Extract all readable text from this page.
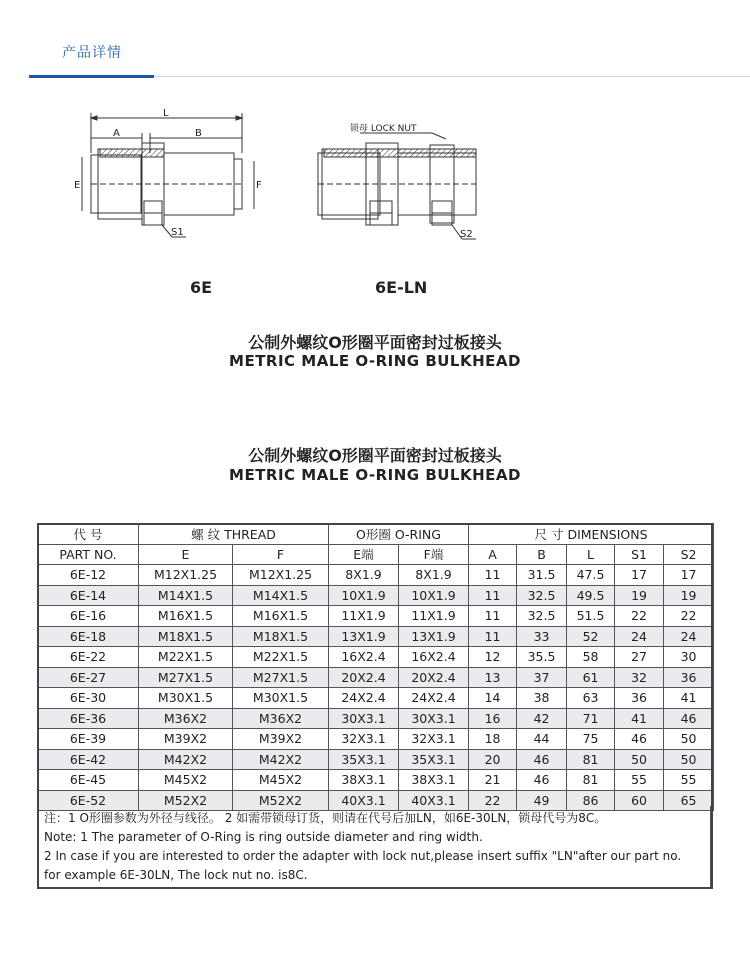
产品详情
A	B
L
E	F
S1
锁母 LOCK NUT
S2
6E	6E-LN
公制外螺纹O形圈平面密封过板接头
METRIC MALE O-RING BULKHEAD
公制外螺纹O形圈平面密封过板接头
METRIC MALE O-RING BULKHEAD
代 号	螺 纹 THREAD		O形圈 O-RING		尺 寸 DIMENSIONS				
PART NO.	E	F	E端	F端	A	B	L	S1	S2
6E-12	M12X1.25	M12X1.25	8X1.9	8X1.9	11	31.5	47.5	17	17
6E-14	M14X1.5	M14X1.5	10X1.9	10X1.9	11	32.5	49.5	19	19
6E-16	M16X1.5	M16X1.5	11X1.9	11X1.9	11	32.5	51.5	22	22
6E-18	M18X1.5	M18X1.5	13X1.9	13X1.9	11	33	52	24	24
6E-22	M22X1.5	M22X1.5	16X2.4	16X2.4	12	35.5	58	27	30
6E-27	M27X1.5	M27X1.5	20X2.4	20X2.4	13	37	61	32	36
6E-30	M30X1.5	M30X1.5	24X2.4	24X2.4	14	38	63	36	41
6E-36	M36X2	M36X2	30X3.1	30X3.1	16	42	71	41	46
6E-39	M39X2	M39X2	32X3.1	32X3.1	18	44	75	46	50
6E-42	M42X2	M42X2	35X3.1	35X3.1	20	46	81	50	50
6E-45	M45X2	M45X2	38X3.1	38X3.1	21	46	81	55	55
6E-52	M52X2	M52X2	40X3.1	40X3.1	22	49	86	60	65
注：1 O形圈参数为外径与线径。 2 如需带锁母订货，则请在代号后加LN，如6E-30LN，锁母代号为8C。
Note: 1 The parameter of O-Ring is ring outside diameter and ring width.
2 In case if you are interested to order the adapter with lock nut,please insert suffix "LN"after our part no.
for example 6E-30LN, The lock nut no. is8C.
